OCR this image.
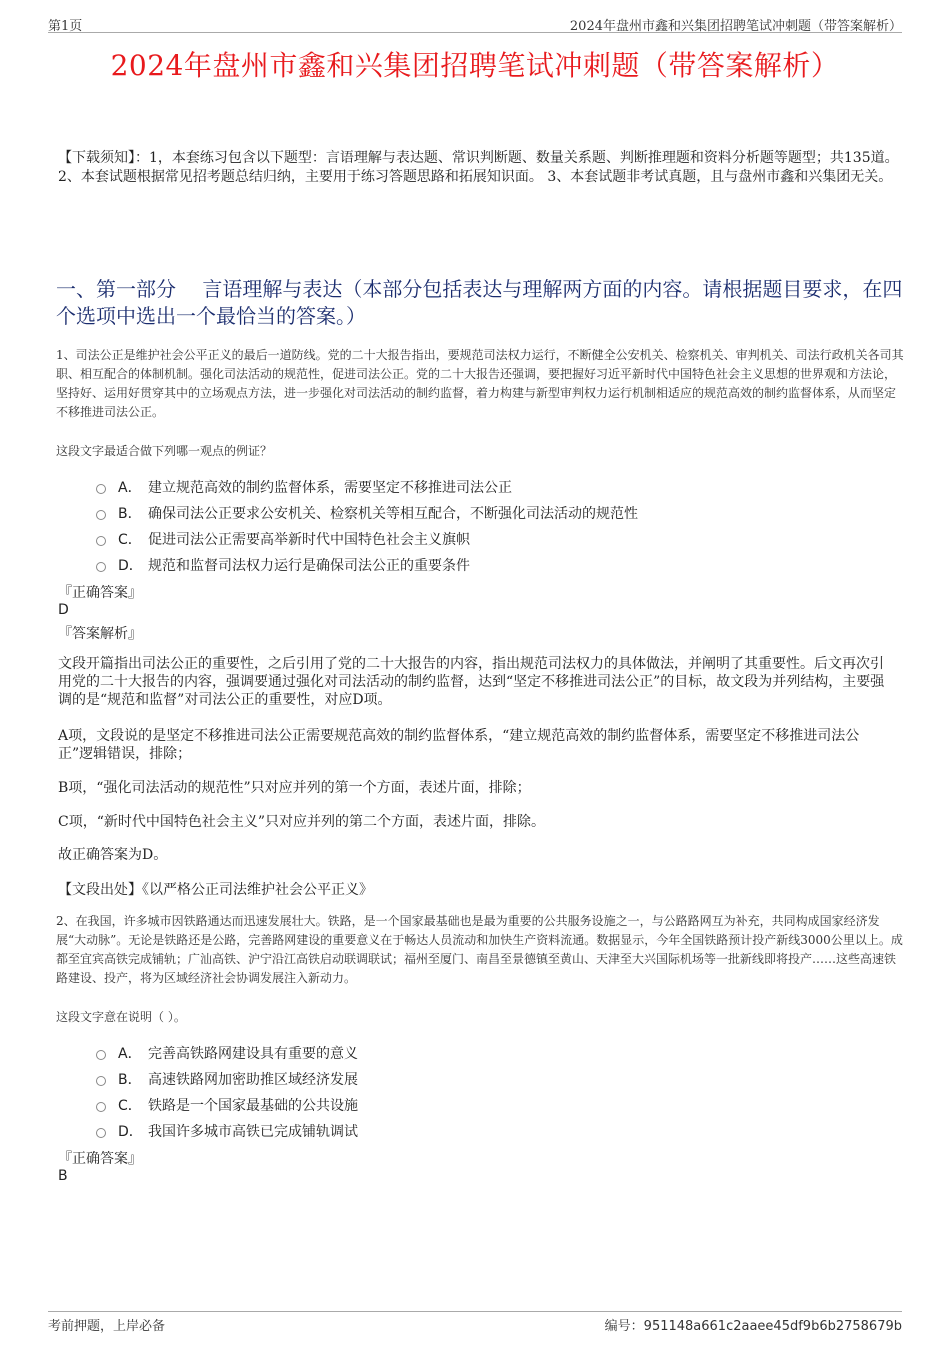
第1页	2024年盘州市鑫和兴集团招聘笔试冲刺题（带答案解析）
2024年盘州市鑫和兴集团招聘笔试冲刺题（带答案解析）
【下载须知】：1，本套练习包含以下题型：言语理解与表达题、常识判断题、数量关系题、判断推理题和资料分析题等题型；共135道。 2、本套试题根据常见招考题总结归纳，主要用于练习答题思路和拓展知识面。 3、本套试题非考试真题，且与盘州市鑫和兴集团无关。
一、第一部分　 言语理解与表达（本部分包括表达与理解两方面的内容。请根据题目要求，在四个选项中选出一个最恰当的答案。）
1、司法公正是维护社会公平正义的最后一道防线。党的二十大报告指出，要规范司法权力运行，不断健全公安机关、检察机关、审判机关、司法行政机关各司其职、相互配合的体制机制。强化司法活动的规范性，促进司法公正。党的二十大报告还强调，要把握好习近平新时代中国特色社会主义思想的世界观和方法论，坚持好、运用好贯穿其中的立场观点方法，进一步强化对司法活动的制约监督，着力构建与新型审判权力运行机制相适应的规范高效的制约监督体系，从而坚定不移推进司法公正。
这段文字最适合做下列哪一观点的例证？
A． 建立规范高效的制约监督体系，需要坚定不移推进司法公正
B． 确保司法公正要求公安机关、检察机关等相互配合，不断强化司法活动的规范性
C． 促进司法公正需要高举新时代中国特色社会主义旗帜
D． 规范和监督司法权力运行是确保司法公正的重要条件
『正确答案』
D
『答案解析』
文段开篇指出司法公正的重要性，之后引用了党的二十大报告的内容，指出规范司法权力的具体做法，并阐明了其重要性。后文再次引用党的二十大报告的内容，强调要通过强化对司法活动的制约监督，达到“坚定不移推进司法公正”的目标，故文段为并列结构，主要强调的是“规范和监督”对司法公正的重要性，对应D项。
A项，文段说的是坚定不移推进司法公正需要规范高效的制约监督体系，“建立规范高效的制约监督体系，需要坚定不移推进司法公正”逻辑错误，排除；
B项，“强化司法活动的规范性”只对应并列的第一个方面，表述片面，排除；
C项，“新时代中国特色社会主义”只对应并列的第二个方面，表述片面，排除。
故正确答案为D。
【文段出处】《以严格公正司法维护社会公平正义》
2、在我国，许多城市因铁路通达而迅速发展壮大。铁路，是一个国家最基础也是最为重要的公共服务设施之一，与公路路网互为补充，共同构成国家经济发展“大动脉”。无论是铁路还是公路，完善路网建设的重要意义在于畅达人员流动和加快生产资料流通。数据显示，今年全国铁路预计投产新线3000公里以上。成都至宜宾高铁完成铺轨；广汕高铁、沪宁沿江高铁启动联调联试；福州至厦门、南昌至景德镇至黄山、天津至大兴国际机场等一批新线即将投产……这些高速铁路建设、投产，将为区域经济社会协调发展注入新动力。
这段文字意在说明（ ）。
A． 完善高铁路网建设具有重要的意义
B． 高速铁路网加密助推区域经济发展
C． 铁路是一个国家最基础的公共设施
D． 我国许多城市高铁已完成铺轨调试
『正确答案』
B
考前押题，上岸必备	编号：951148a661c2aaee45df9b6b2758679b
